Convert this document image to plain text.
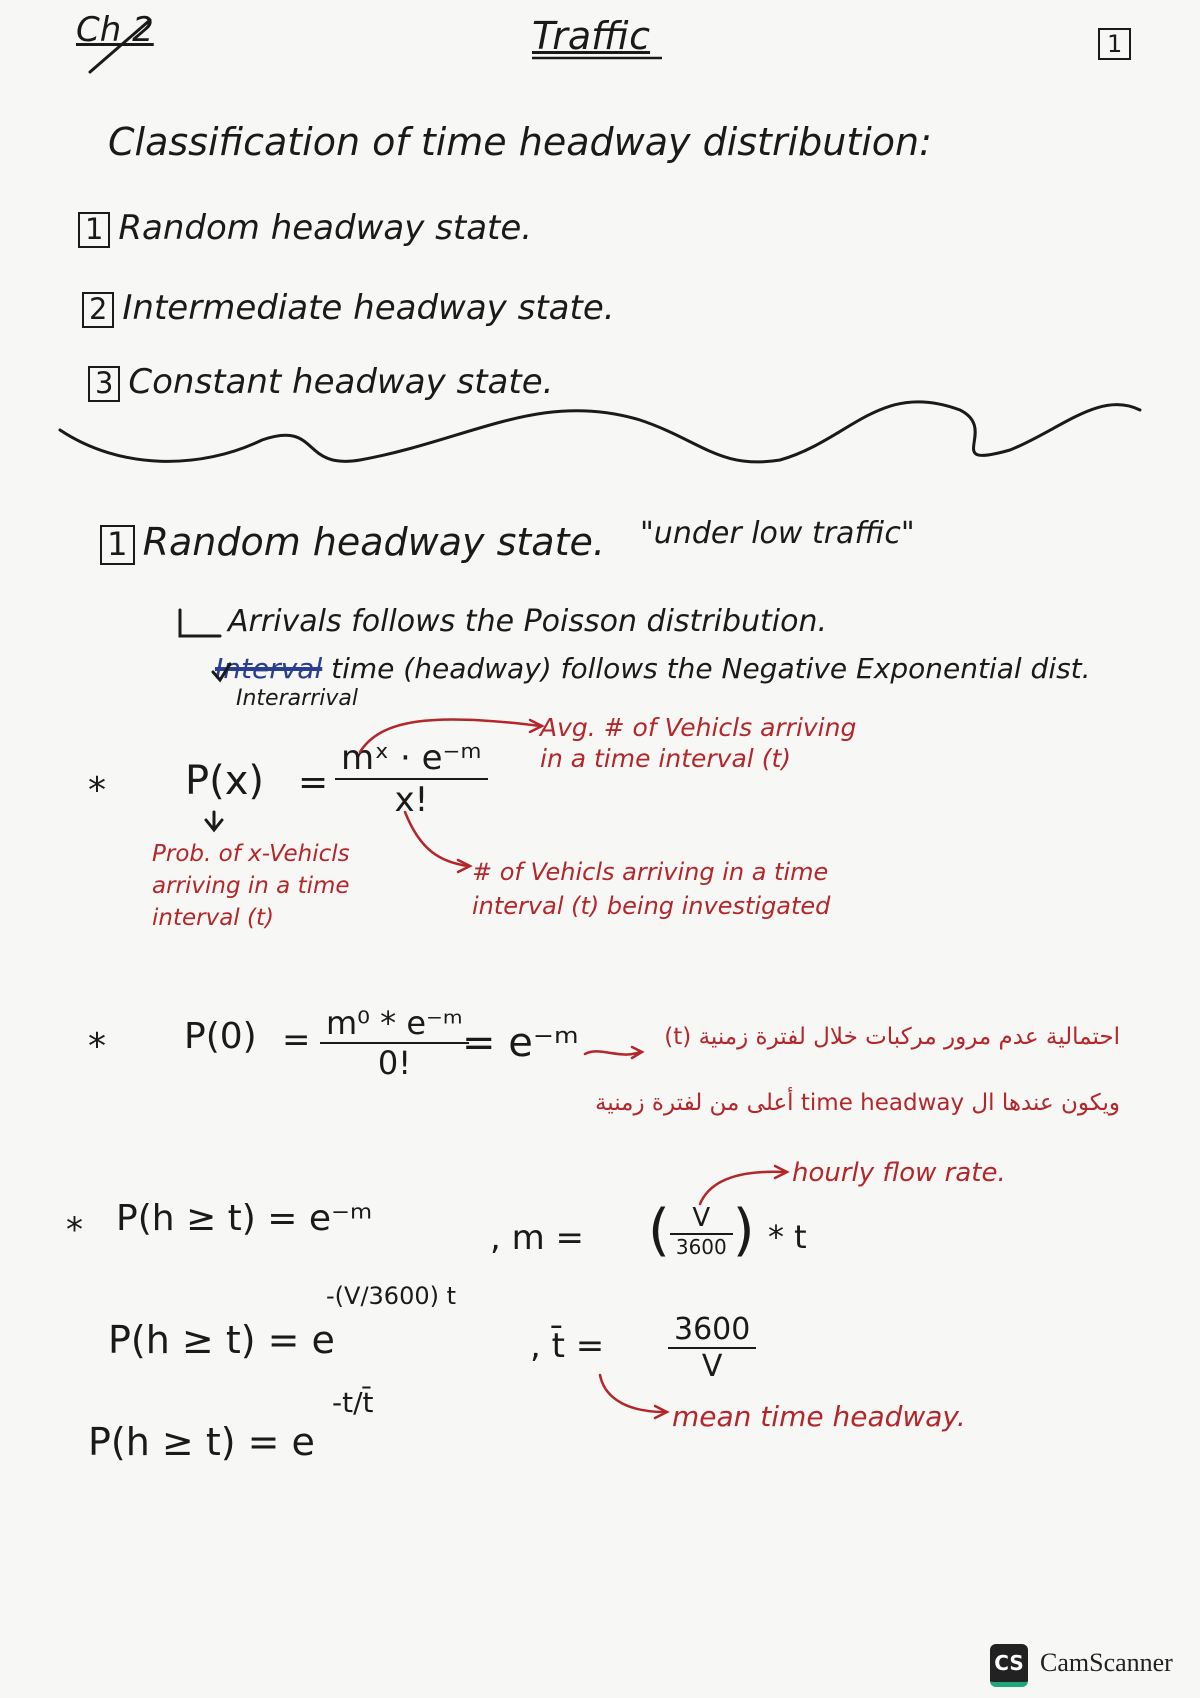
Ch 2	Traffic	1
Classification of time headway distribution:
1 Random headway state.
2 Intermediate headway state.
3 Constant headway state.
1 Random headway state. "under low traffic"
Arrivals follows the Poisson distribution.
Interval time (headway) follows the Negative Exponential dist.
Interarrival
* $P(x) = \frac{\text{mˣ · e⁻ᵐ}}{x!}$
Avg. # of Vehicls arriving in a time interval (t)
Prob. of x-Vehicls arriving in a time interval (t)
# of Vehicls arriving in a time interval (t) being investigated
* $P(0) = \frac{\text{m⁰ * e⁻ᵐ}}{0!}$
= e⁻ᵐ	احتمالية عدم مرور مركبات خلال لفترة زمنية (t)
ويكون عندها ال time headway أعلى من لفترة زمنية
* P(h ≥ t) = e⁻ᵐ	, m = ( $\frac{V}{3600}$ ) * t
hourly flow rate.
P(h ≥ t) = e
-(V/3600) t
, t̄ = $\frac{3600}{V}$
P(h ≥ t) = e
-t/t̄	mean time headway.
CS CamScanner
